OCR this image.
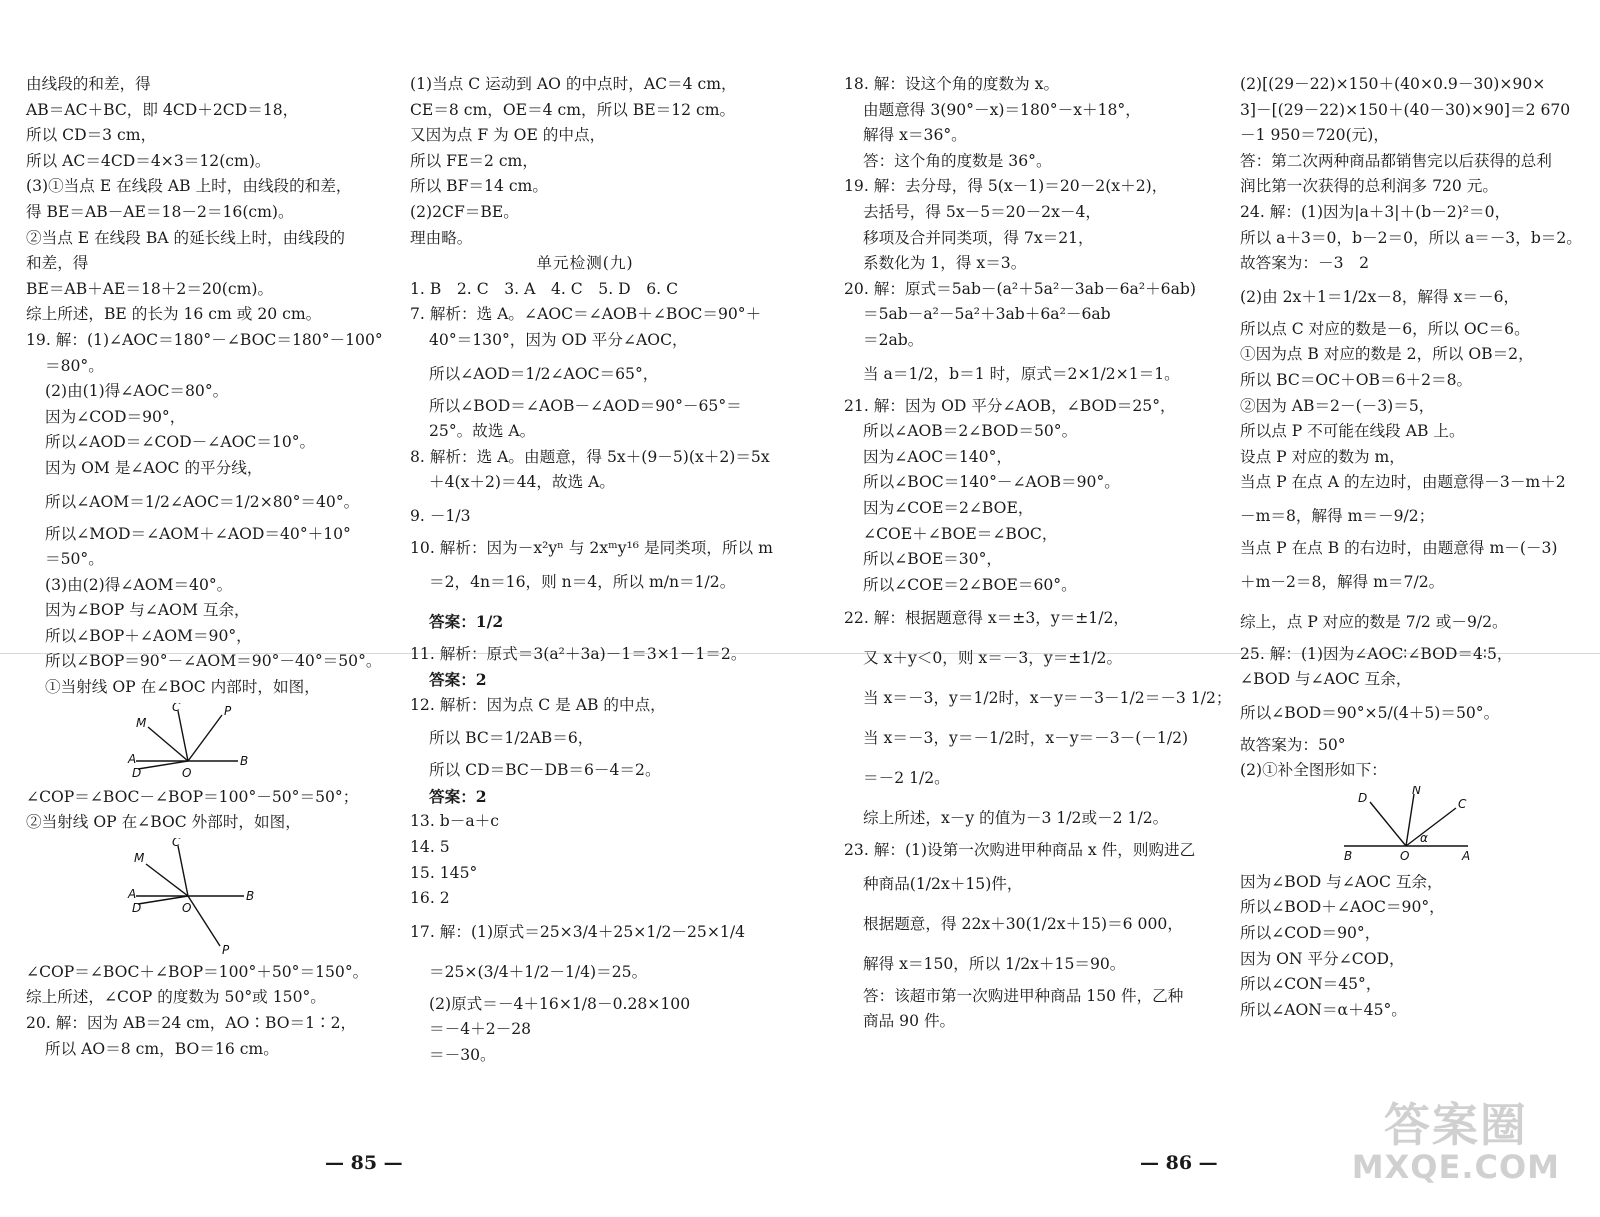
由线段的和差，得
AB＝AC＋BC，即 4CD＋2CD＝18，
所以 CD＝3 cm，
所以 AC＝4CD＝4×3＝12(cm)。
(3)①当点 E 在线段 AB 上时，由线段的和差，
得 BE＝AB－AE＝18－2＝16(cm)。
②当点 E 在线段 BA 的延长线上时，由线段的
和差，得
BE＝AB＋AE＝18＋2＝20(cm)。
综上所述，BE 的长为 16 cm 或 20 cm。
19. 解：(1)∠AOC＝180°－∠BOC＝180°－100°
＝80°。
(2)由(1)得∠AOC＝80°。
因为∠COD＝90°，
所以∠AOD＝∠COD－∠AOC＝10°。
因为 OM 是∠AOC 的平分线，
所以∠AOM＝1/2∠AOC＝1/2×80°＝40°。
所以∠MOD＝∠AOM＋∠AOD＝40°＋10°
＝50°。
(3)由(2)得∠AOM＝40°。
因为∠BOP 与∠AOM 互余，
所以∠BOP＋∠AOM＝90°，
所以∠BOP＝90°－∠AOM＝90°－40°＝50°。
①当射线 OP 在∠BOC 内部时，如图，
C	P
M
A
D	O
B
∠COP＝∠BOC－∠BOP＝100°－50°＝50°；
②当射线 OP 在∠BOC 外部时，如图，
C
M
A
D	O
B
P
∠COP＝∠BOC＋∠BOP＝100°＋50°＝150°。
综上所述，∠COP 的度数为 50°或 150°。
20. 解：因为 AB＝24 cm，AO∶BO＝1∶2，
所以 AO＝8 cm，BO＝16 cm。
(1)当点 C 运动到 AO 的中点时，AC＝4 cm，
CE＝8 cm，OE＝4 cm，所以 BE＝12 cm。
又因为点 F 为 OE 的中点，
所以 FE＝2 cm，
所以 BF＝14 cm。
(2)2CF＝BE。
理由略。
单元检测(九)
1. B　2. C　3. A　4. C　5. D　6. C
7. 解析：选 A。∠AOC＝∠AOB＋∠BOC＝90°＋
40°＝130°，因为 OD 平分∠AOC，
所以∠AOD＝1/2∠AOC＝65°，
所以∠BOD＝∠AOB－∠AOD＝90°－65°＝
25°。故选 A。
8. 解析：选 A。由题意，得 5x＋(9－5)(x＋2)＝5x
＋4(x＋2)＝44，故选 A。
9. －1/3
10. 解析：因为－x²yⁿ 与 2xᵐy¹⁶ 是同类项，所以 m
＝2，4n＝16，则 n＝4，所以 m/n＝1/2。
答案：1/2
11. 解析：原式＝3(a²＋3a)－1＝3×1－1＝2。
答案：2
12. 解析：因为点 C 是 AB 的中点，
所以 BC＝1/2AB＝6，
所以 CD＝BC－DB＝6－4＝2。
答案：2
13. b－a＋c
14. 5
15. 145°
16. 2
17. 解：(1)原式＝25×3/4＋25×1/2－25×1/4
＝25×(3/4＋1/2－1/4)＝25。
(2)原式＝－4＋16×1/8－0.28×100
＝－4＋2－28
＝－30。
18. 解：设这个角的度数为 x。
由题意得 3(90°－x)＝180°－x＋18°，
解得 x＝36°。
答：这个角的度数是 36°。
19. 解：去分母，得 5(x－1)＝20－2(x＋2)，
去括号，得 5x－5＝20－2x－4，
移项及合并同类项，得 7x＝21，
系数化为 1，得 x＝3。
20. 解：原式＝5ab－(a²＋5a²－3ab－6a²＋6ab)
＝5ab－a²－5a²＋3ab＋6a²－6ab
＝2ab。
当 a＝1/2，b＝1 时，原式＝2×1/2×1＝1。
21. 解：因为 OD 平分∠AOB，∠BOD＝25°，
所以∠AOB＝2∠BOD＝50°。
因为∠AOC＝140°，
所以∠BOC＝140°－∠AOB＝90°。
因为∠COE＝2∠BOE，
∠COE＋∠BOE＝∠BOC，
所以∠BOE＝30°，
所以∠COE＝2∠BOE＝60°。
22. 解：根据题意得 x＝±3，y＝±1/2，
又 x＋y＜0，则 x＝－3，y＝±1/2。
当 x＝－3，y＝1/2时，x－y＝－3－1/2＝－3 1/2；
当 x＝－3，y＝－1/2时，x－y＝－3－(－1/2)
＝－2 1/2。
综上所述，x－y 的值为－3 1/2或－2 1/2。
23. 解：(1)设第一次购进甲种商品 x 件，则购进乙
种商品(1/2x＋15)件，
根据题意，得 22x＋30(1/2x＋15)＝6 000，
解得 x＝150，所以 1/2x＋15＝90。
答：该超市第一次购进甲种商品 150 件，乙种
商品 90 件。
(2)[(29－22)×150＋(40×0.9－30)×90×
3]－[(29－22)×150＋(40－30)×90]＝2 670
－1 950＝720(元)，
答：第二次两种商品都销售完以后获得的总利
润比第一次获得的总利润多 720 元。
24. 解：(1)因为|a＋3|＋(b－2)²＝0，
所以 a＋3＝0，b－2＝0，所以 a＝－3，b＝2。
故答案为：－3　2
(2)由 2x＋1＝1/2x－8，解得 x＝－6，
所以点 C 对应的数是－6，所以 OC＝6。
①因为点 B 对应的数是 2，所以 OB＝2，
所以 BC＝OC＋OB＝6＋2＝8。
②因为 AB＝2－(－3)＝5，
所以点 P 不可能在线段 AB 上。
设点 P 对应的数为 m，
当点 P 在点 A 的左边时，由题意得－3－m＋2
－m＝8，解得 m＝－9/2；
当点 P 在点 B 的右边时，由题意得 m－(－3)
＋m－2＝8，解得 m＝7/2。
综上，点 P 对应的数是 7/2 或－9/2。
25. 解：(1)因为∠AOC∶∠BOD＝4∶5，
∠BOD 与∠AOC 互余，
所以∠BOD＝90°×5/(4＋5)＝50°。
故答案为：50°
(2)①补全图形如下：
D
N
C
B	O	A
α
因为∠BOD 与∠AOC 互余，
所以∠BOD＋∠AOC＝90°，
所以∠COD＝90°，
因为 ON 平分∠COD，
所以∠CON＝45°，
所以∠AON＝α＋45°。
— 85 —	— 86 —
答案圈
MXQE.COM
